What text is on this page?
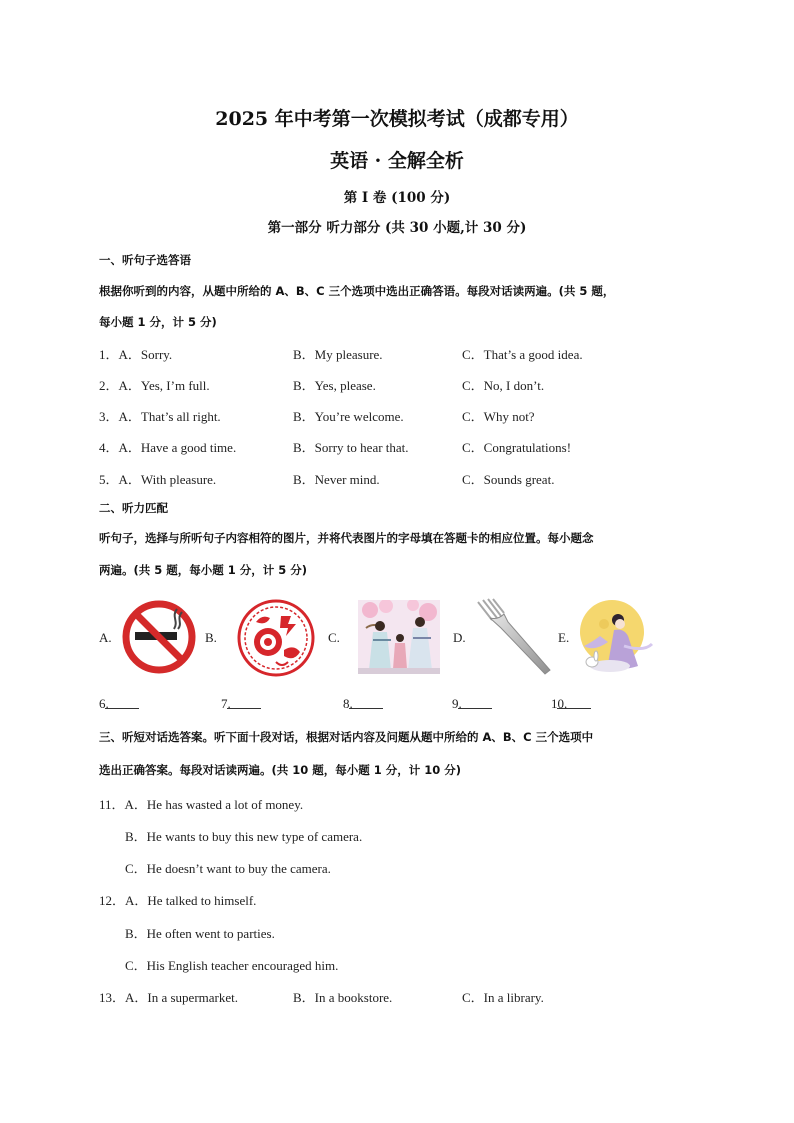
2025 年中考第一次模拟考试（成都专用）
英语 · 全解全析
第 I 卷 (100 分)
第一部分 听力部分 (共 30 小题,计 30 分)
一、听句子选答语
根据你听到的内容，从题中所给的 A、B、C 三个选项中选出正确答语。每段对话读两遍。(共 5 题，
每小题 1 分，计 5 分)
1．A．Sorry.	B．My pleasure.	C．That’s a good idea.
2．A．Yes, I’m full.	B．Yes, please.	C．No, I don’t.
3．A．That’s all right.	B．You’re welcome.	C．Why not?
4．A．Have a good time.	B．Sorry to hear that.	C．Congratulations!
5．A．With pleasure.	B．Never mind.	C．Sounds great.
二、听力匹配
听句子，选择与所听句子内容相符的图片，并将代表图片的字母填在答题卡的相应位置。每小题念
两遍。(共 5 题，每小题 1 分，计 5 分)
A.	B.	C.	D.	E.
6.	7.	8.	9.	10.
三、听短对话选答案。听下面十段对话，根据对话内容及问题从题中所给的 A、B、C 三个选项中
选出正确答案。每段对话读两遍。(共 10 题，每小题 1 分，计 10 分)
11．A．He has wasted a lot of money.
B．He wants to buy this new type of camera.
C．He doesn’t want to buy the camera.
12．A．He talked to himself.
B．He often went to parties.
C．His English teacher encouraged him.
13．A．In a supermarket.	B．In a bookstore.	C．In a library.
